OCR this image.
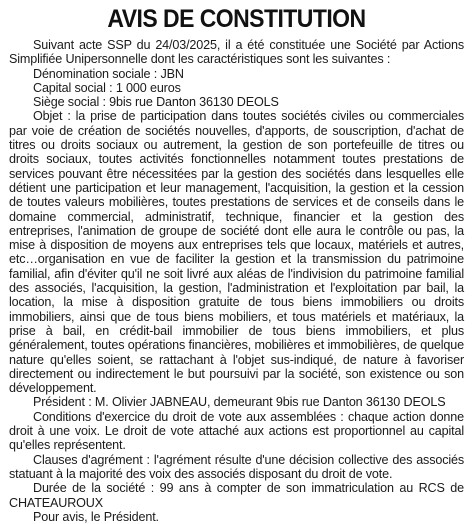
AVIS DE CONSTITUTION

Suivant acte SSP du 24/03/2025, il a été constituée une Société par Actions Simplifiée Unipersonnelle dont les caractéristiques sont les suivantes :

Dénomination sociale : JBN

Capital social : 1 000 euros

Siège social : 9bis rue Danton 36130 DEOLS

Objet : la prise de participation dans toutes sociétés civiles ou commerciales par voie de création de sociétés nouvelles, d'apports, de souscription, d'achat de titres ou droits sociaux ou autrement, la gestion de son portefeuille de titres ou droits sociaux, toutes activités fonctionnelles notamment toutes prestations de services pouvant être nécessitées par la gestion des sociétés dans lesquelles elle détient une participation et leur management, l'acquisition, la gestion et la cession de toutes valeurs mobilières, toutes prestations de services et de conseils dans le domaine commercial, administratif, technique, financier et la gestion des entreprises, l'animation de groupe de société dont elle aura le contrôle ou pas, la mise à disposition de moyens aux entreprises tels que locaux, matériels et autres, etc…organisation en vue de faciliter la gestion et la transmission du patrimoine familial, afin d'éviter qu'il ne soit livré aux aléas de l'indivision du patrimoine familial des associés, l'acquisition, la gestion, l'administration et l'exploitation par bail, la location, la mise à disposition gratuite de tous biens immobiliers ou droits immobiliers, ainsi que de tous biens mobiliers, et tous matériels et matériaux, la prise à bail, en crédit-bail immobilier de tous biens immobiliers, et plus généralement, toutes opérations financières, mobilières et immobilières, de quelque nature qu'elles soient, se rattachant à l'objet sus-indiqué, de nature à favoriser directement ou indirectement le but poursuivi par la société, son existence ou son développement.

Président : M. Olivier JABNEAU, demeurant 9bis rue Danton 36130 DEOLS

Conditions d'exercice du droit de vote aux assemblées : chaque action donne droit à une voix. Le droit de vote attaché aux actions est proportionnel au capital qu'elles représentent.

Clauses d'agrément : l'agrément résulte d'une décision collective des associés statuant à la majorité des voix des associés disposant du droit de vote.

Durée de la société : 99 ans à compter de son immatriculation au RCS de CHATEAUROUX

Pour avis, le Président.
